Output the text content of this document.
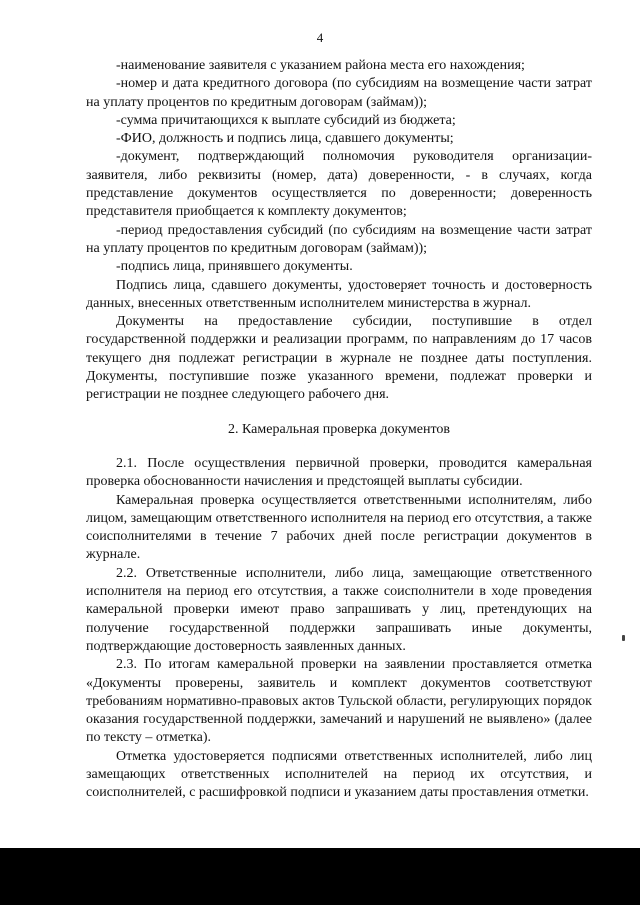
4

-наименование заявителя с указанием района места его нахождения;

-номер и дата кредитного договора (по субсидиям на возмещение части затрат на уплату процентов по кредитным договорам (займам));

-сумма причитающихся к выплате субсидий из бюджета;

-ФИО, должность и подпись лица, сдавшего документы;

-документ, подтверждающий полномочия руководителя организации-заявителя, либо реквизиты (номер, дата) доверенности, - в случаях, когда представление документов осуществляется по доверенности; доверенность представителя приобщается к комплекту документов;

-период предоставления субсидий (по субсидиям на возмещение части затрат на уплату процентов по кредитным договорам (займам));

-подпись лица, принявшего документы.

Подпись лица, сдавшего документы, удостоверяет точность и достоверность данных, внесенных ответственным исполнителем министерства в журнал.

Документы на предоставление субсидии, поступившие в отдел государственной поддержки и реализации программ, по направлениям до 17 часов текущего дня подлежат регистрации в журнале не позднее даты поступления. Документы, поступившие позже указанного времени, подлежат проверки и регистрации не позднее следующего рабочего дня.

2. Камеральная проверка документов

2.1. После осуществления первичной проверки, проводится камеральная проверка обоснованности начисления и предстоящей выплаты субсидии.

Камеральная проверка осуществляется ответственными исполнителям, либо лицом, замещающим ответственного исполнителя на период его отсутствия, а также соисполнителями в течение 7 рабочих дней после регистрации документов в журнале.

2.2. Ответственные исполнители, либо лица, замещающие ответственного исполнителя на период его отсутствия, а также соисполнители в ходе проведения камеральной проверки имеют право запрашивать у лиц, претендующих на получение государственной поддержки запрашивать иные документы, подтверждающие достоверность заявленных данных.

2.3. По итогам камеральной проверки на заявлении проставляется отметка «Документы проверены, заявитель и комплект документов соответствуют требованиям нормативно-правовых актов Тульской области, регулирующих порядок оказания государственной поддержки, замечаний и нарушений не выявлено» (далее по тексту – отметка).

Отметка удостоверяется подписями ответственных исполнителей, либо лиц замещающих ответственных исполнителей на период их отсутствия, и соисполнителей, с расшифровкой подписи и указанием даты проставления отметки.
